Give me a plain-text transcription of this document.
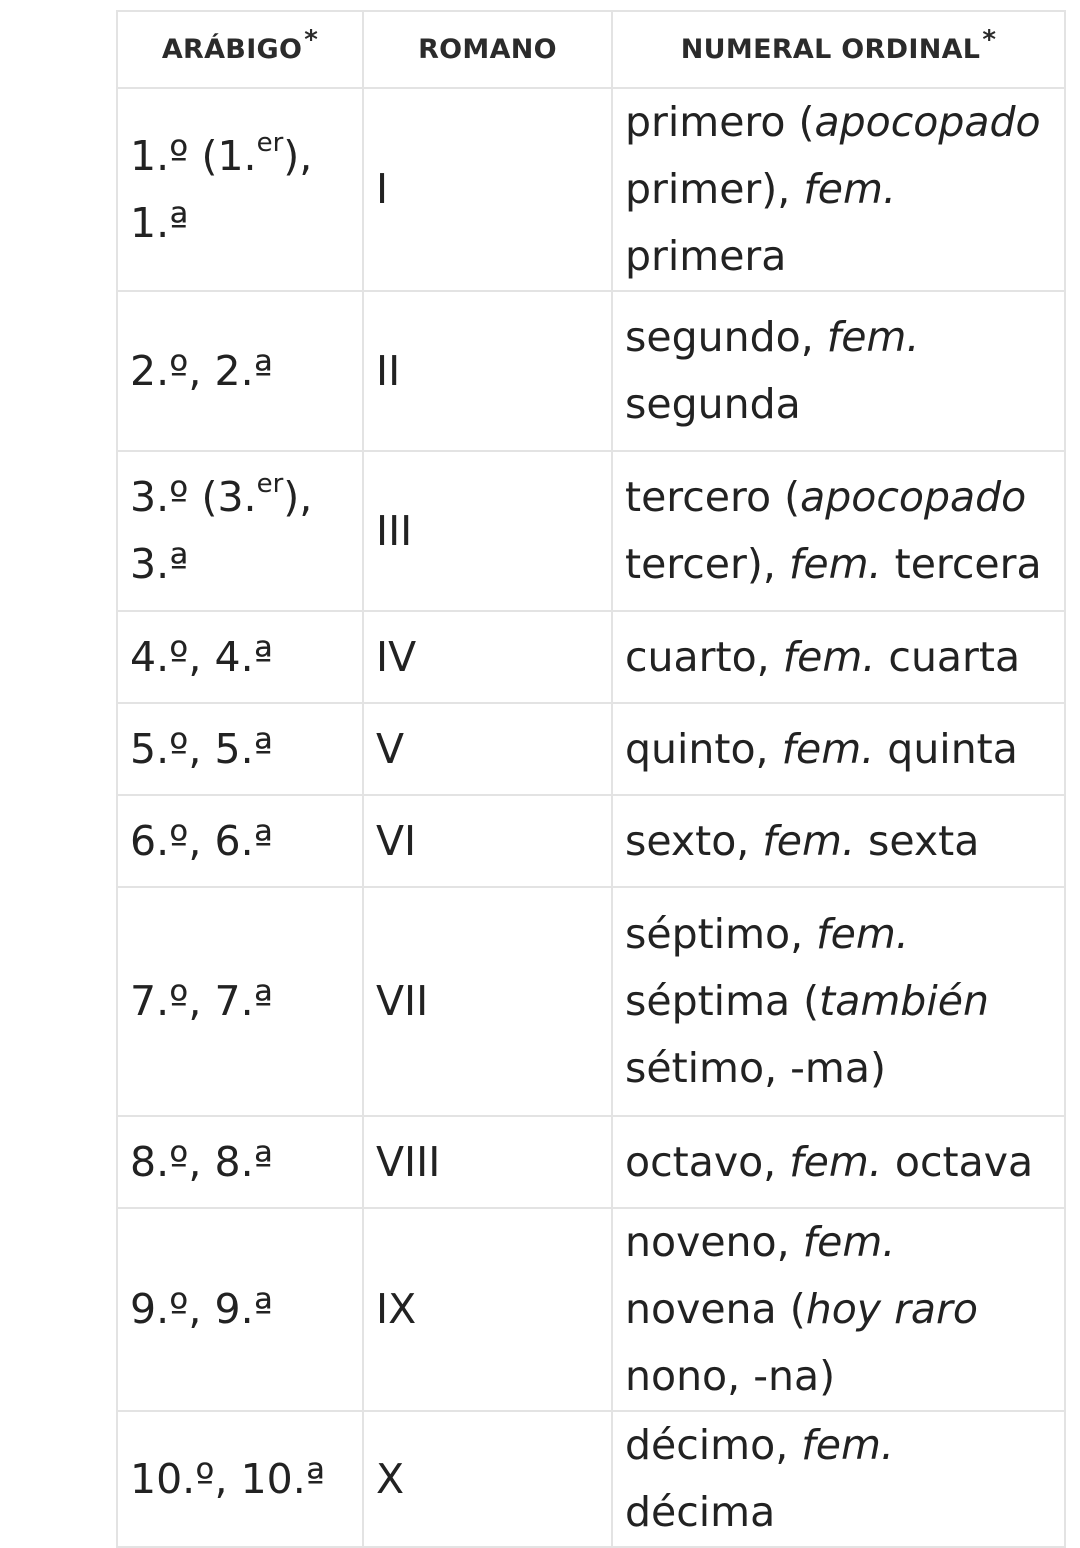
ARÁBIGO*	ROMANO	NUMERAL ORDINAL*
1.º (1.$^{er}$), 1.ª	I	primero (apocopado primer), fem. primera
2.º, 2.ª	II	segundo, fem. segunda
3.º (3.$^{er}$), 3.ª	III	tercero (apocopado tercer), fem. tercera
4.º, 4.ª	IV	cuarto, fem. cuarta
5.º, 5.ª	V	quinto, fem. quinta
6.º, 6.ª	VI	sexto, fem. sexta
7.º, 7.ª	VII	séptimo, fem. séptima (también sétimo, -ma)
8.º, 8.ª	VIII	octavo, fem. octava
9.º, 9.ª	IX	noveno, fem. novena (hoy raro nono, -na)
10.º, 10.ª	X	décimo, fem. décima
